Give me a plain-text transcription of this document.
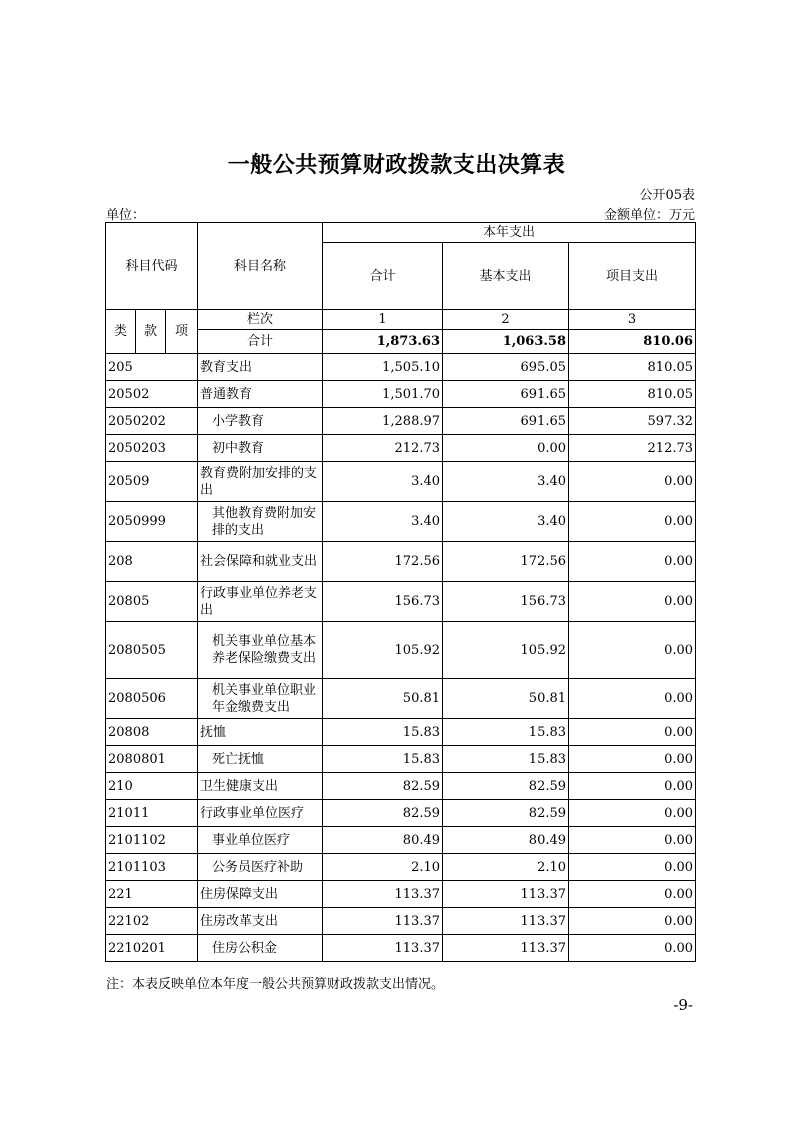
一般公共预算财政拨款支出决算表
公开05表
单位：	金额单位：万元
科目代码			科目名称	本年支出		
				合计	基本支出	项目支出
类	款	项	栏次	1	2	3
			合计	1,873.63	1,063.58	810.06
205			教育支出	1,505.10	695.05	810.05
20502			普通教育	1,501.70	691.65	810.05
2050202			小学教育	1,288.97	691.65	597.32
2050203			初中教育	212.73	0.00	212.73
20509			教育费附加安排的支出	3.40	3.40	0.00
2050999			其他教育费附加安排的支出	3.40	3.40	0.00
208			社会保障和就业支出	172.56	172.56	0.00
20805			行政事业单位养老支出	156.73	156.73	0.00
2080505			机关事业单位基本养老保险缴费支出	105.92	105.92	0.00
2080506			机关事业单位职业年金缴费支出	50.81	50.81	0.00
20808			抚恤	15.83	15.83	0.00
2080801			死亡抚恤	15.83	15.83	0.00
210			卫生健康支出	82.59	82.59	0.00
21011			行政事业单位医疗	82.59	82.59	0.00
2101102			事业单位医疗	80.49	80.49	0.00
2101103			公务员医疗补助	2.10	2.10	0.00
221			住房保障支出	113.37	113.37	0.00
22102			住房改革支出	113.37	113.37	0.00
2210201			住房公积金	113.37	113.37	0.00
注：本表反映单位本年度一般公共预算财政拨款支出情况。
-9-
